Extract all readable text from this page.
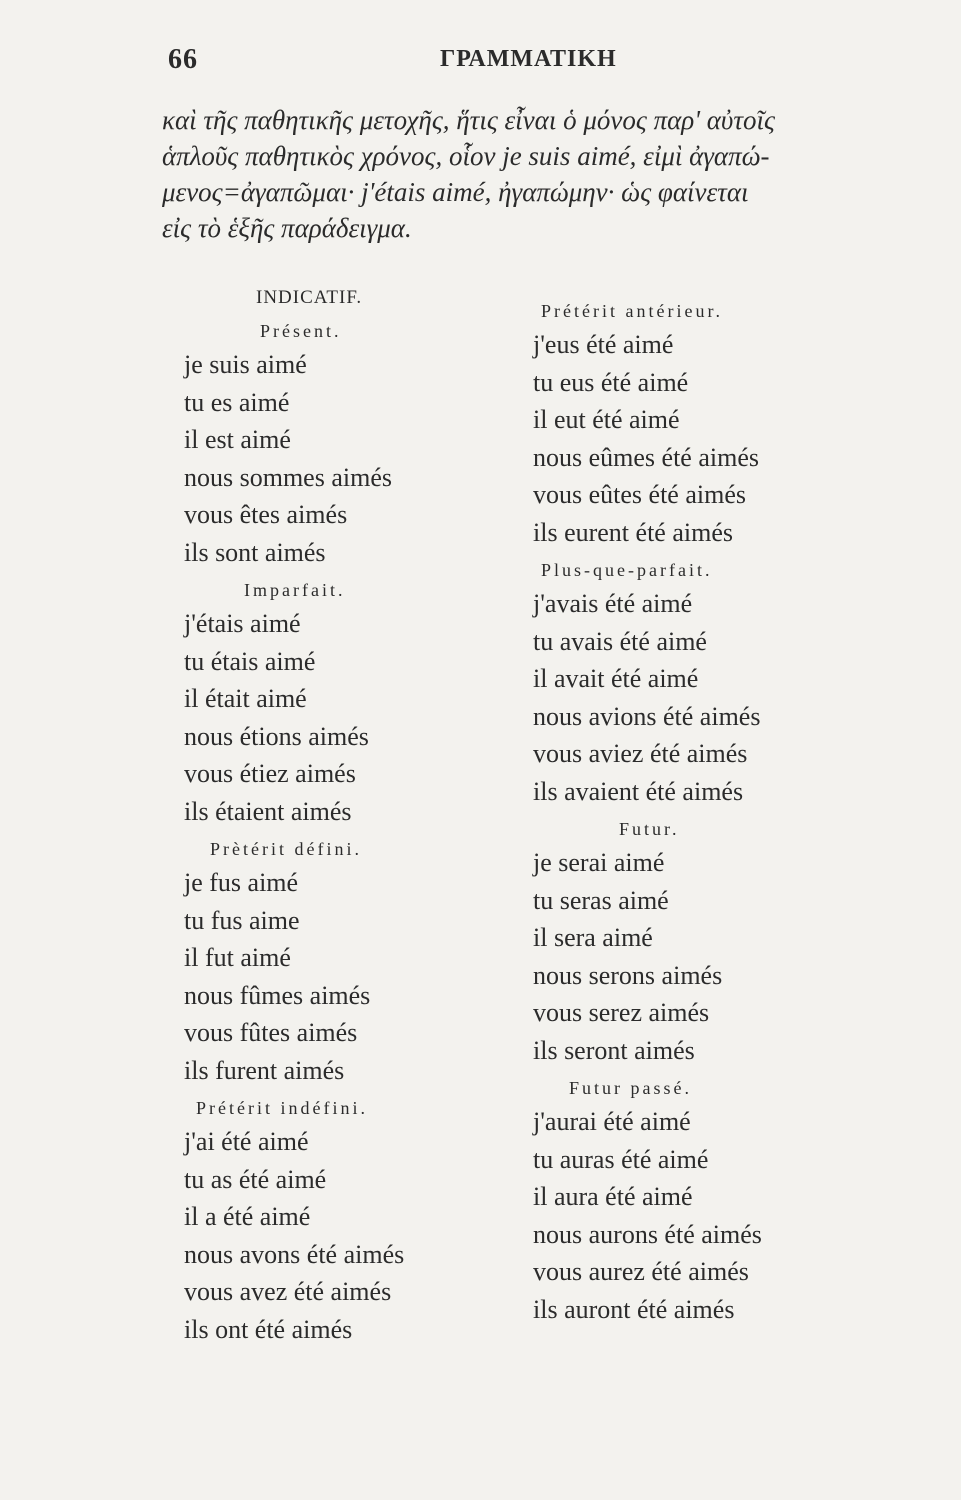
66	ΓΡΑΜΜΑΤΙΚΗ
καὶ τῆς παθητικῆς μετοχῆς, ἥτις εἶναι ὁ μόνος παρ' αὐτοῖς
ἁπλοῦς παθητικὸς χρόνος, οἷον je suis aimé, εἰμὶ ἀγαπώ-
μενος=ἀγαπῶμαι· j'étais aimé, ἠγαπώμην· ὡς φαίνεται
εἰς τὸ ἑξῆς παράδειγμα.
INDICATIF.
Présent.
je suis aimé
tu es aimé
il est aimé
nous sommes aimés
vous êtes aimés
ils sont aimés
Imparfait.
j'étais aimé
tu étais aimé
il était aimé
nous étions aimés
vous étiez aimés
ils étaient aimés
Prètérit défini.
je fus aimé
tu fus aime
il fut aimé
nous fûmes aimés
vous fûtes aimés
ils furent aimés
Prétérit indéfini.
j'ai été aimé
tu as été aimé
il a été aimé
nous avons été aimés
vous avez été aimés
ils ont été aimés
Prétérit antérieur.
j'eus été aimé
tu eus été aimé
il eut été aimé
nous eûmes été aimés
vous eûtes été aimés
ils eurent été aimés
Plus-que-parfait.
j'avais été aimé
tu avais été aimé
il avait été aimé
nous avions été aimés
vous aviez été aimés
ils avaient été aimés
Futur.
je serai aimé
tu seras aimé
il sera aimé
nous serons aimés
vous serez aimés
ils seront aimés
Futur passé.
j'aurai été aimé
tu auras été aimé
il aura été aimé
nous aurons été aimés
vous aurez été aimés
ils auront été aimés
